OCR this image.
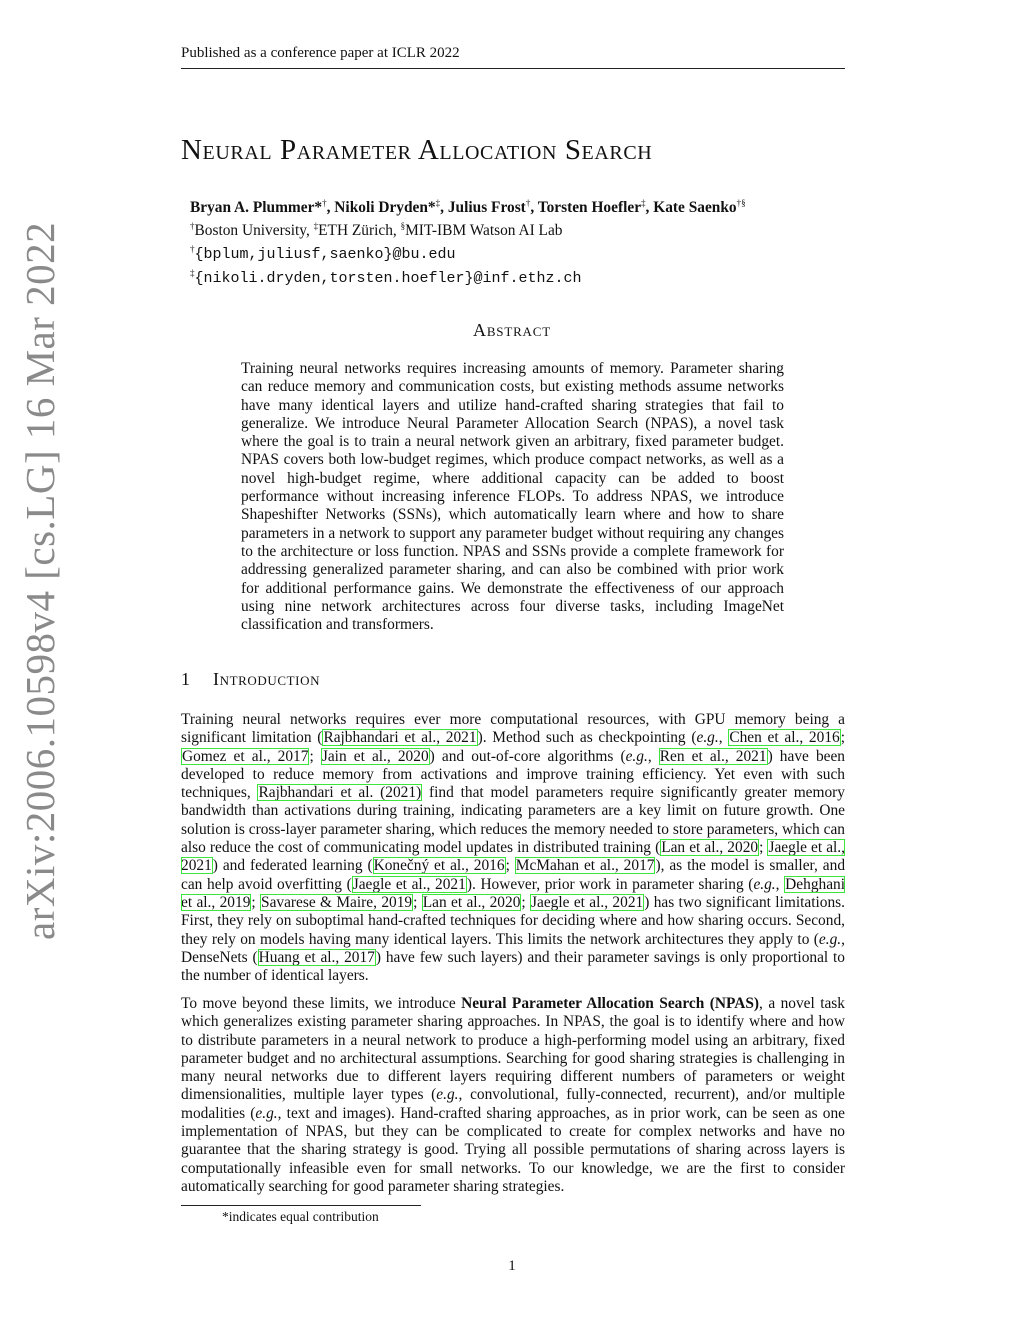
Published as a conference paper at ICLR 2022
arXiv:2006.10598v4 [cs.LG] 16 Mar 2022
Neural Parameter Allocation Search
Bryan A. Plummer*†, Nikoli Dryden*‡, Julius Frost†, Torsten Hoefler‡, Kate Saenko†§
†Boston University, ‡ETH Zürich, §MIT-IBM Watson AI Lab
†{bplum,juliusf,saenko}@bu.edu
‡{nikoli.dryden,torsten.hoefler}@inf.ethz.ch
Abstract
Training neural networks requires increasing amounts of memory. Parameter sharing can reduce memory and communication costs, but existing methods assume networks have many identical layers and utilize hand-crafted sharing strategies that fail to generalize. We introduce Neural Parameter Allocation Search (NPAS), a novel task where the goal is to train a neural network given an arbitrary, fixed parameter budget. NPAS covers both low-budget regimes, which produce compact networks, as well as a novel high-budget regime, where additional capacity can be added to boost performance without increasing inference FLOPs. To address NPAS, we introduce Shapeshifter Networks (SSNs), which automatically learn where and how to share parameters in a network to support any parameter budget without requiring any changes to the architecture or loss function. NPAS and SSNs provide a complete framework for addressing generalized parameter sharing, and can also be combined with prior work for additional performance gains. We demonstrate the effectiveness of our approach using nine network architectures across four diverse tasks, including ImageNet classification and transformers.
1 Introduction
Training neural networks requires ever more computational resources, with GPU memory being a significant limitation (Rajbhandari et al., 2021). Method such as checkpointing (e.g., Chen et al., 2016; Gomez et al., 2017; Jain et al., 2020) and out-of-core algorithms (e.g., Ren et al., 2021) have been developed to reduce memory from activations and improve training efficiency. Yet even with such techniques, Rajbhandari et al. (2021) find that model parameters require significantly greater memory bandwidth than activations during training, indicating parameters are a key limit on future growth. One solution is cross-layer parameter sharing, which reduces the memory needed to store parameters, which can also reduce the cost of communicating model updates in distributed training (Lan et al., 2020; Jaegle et al., 2021) and federated learning (Konečný et al., 2016; McMahan et al., 2017), as the model is smaller, and can help avoid overfitting (Jaegle et al., 2021). However, prior work in parameter sharing (e.g., Dehghani et al., 2019; Savarese & Maire, 2019; Lan et al., 2020; Jaegle et al., 2021) has two significant limitations. First, they rely on suboptimal hand-crafted techniques for deciding where and how sharing occurs. Second, they rely on models having many identical layers. This limits the network architectures they apply to (e.g., DenseNets (Huang et al., 2017) have few such layers) and their parameter savings is only proportional to the number of identical layers.
To move beyond these limits, we introduce Neural Parameter Allocation Search (NPAS), a novel task which generalizes existing parameter sharing approaches. In NPAS, the goal is to identify where and how to distribute parameters in a neural network to produce a high-performing model using an arbitrary, fixed parameter budget and no architectural assumptions. Searching for good sharing strategies is challenging in many neural networks due to different layers requiring different numbers of parameters or weight dimensionalities, multiple layer types (e.g., convolutional, fully-connected, recurrent), and/or multiple modalities (e.g., text and images). Hand-crafted sharing approaches, as in prior work, can be seen as one implementation of NPAS, but they can be complicated to create for complex networks and have no guarantee that the sharing strategy is good. Trying all possible permutations of sharing across layers is computationally infeasible even for small networks. To our knowledge, we are the first to consider automatically searching for good parameter sharing strategies.
*indicates equal contribution
1
